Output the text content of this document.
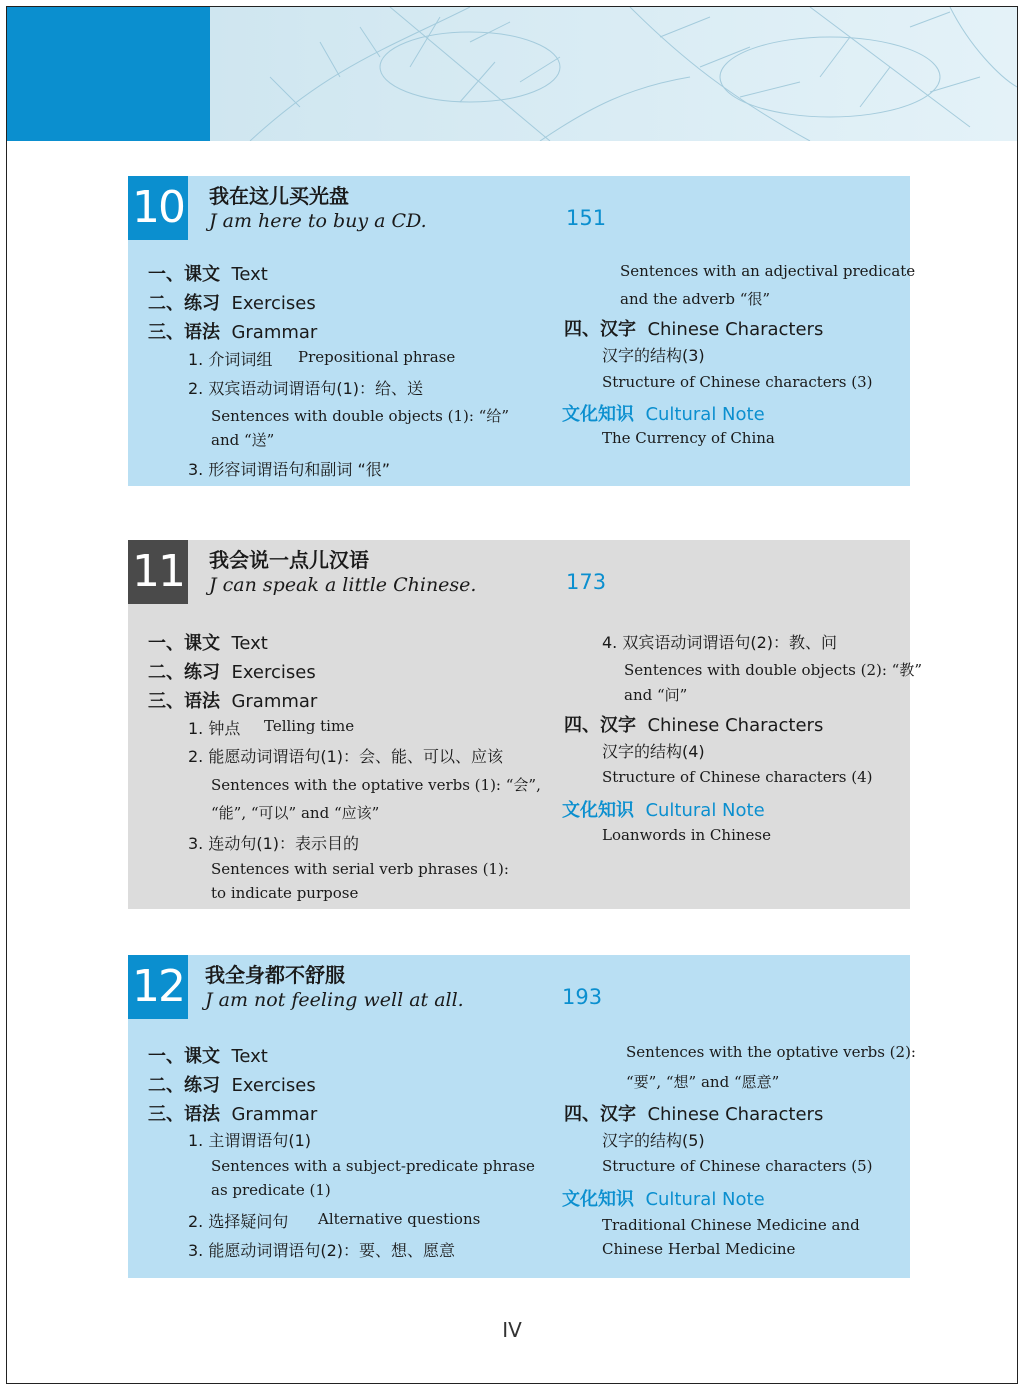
10 我在这儿买光盘
J am here to buy a CD.	151
一、课文 Text
二、练习 Exercises
三、语法 Grammar
1. 介词词组 Prepositional phrase
2. 双宾语动词谓语句(1)：给、送
Sentences with double objects (1): “给”
and “送”
3. 形容词谓语句和副词 “很”
Sentences with an adjectival predicate
and the adverb “很”
四、汉字 Chinese Characters
汉字的结构(3)
Structure of Chinese characters (3)
文化知识 Cultural Note
The Currency of China
11 我会说一点儿汉语
J can speak a little Chinese.	173
一、课文 Text
二、练习 Exercises
三、语法 Grammar
1. 钟点 Telling time
2. 能愿动词谓语句(1)：会、能、可以、应该
Sentences with the optative verbs (1): “会”,
“能”, “可以” and “应该”
3. 连动句(1)：表示目的
Sentences with serial verb phrases (1):
to indicate purpose
4. 双宾语动词谓语句(2)：教、问
Sentences with double objects (2): “教”
and “问”
四、汉字 Chinese Characters
汉字的结构(4)
Structure of Chinese characters (4)
文化知识 Cultural Note
Loanwords in Chinese
12 我全身都不舒服
J am not feeling well at all.	193
一、课文 Text
二、练习 Exercises
三、语法 Grammar
1. 主谓谓语句(1)
Sentences with a subject-predicate phrase
as predicate (1)
2. 选择疑问句 Alternative questions
3. 能愿动词谓语句(2)：要、想、愿意
Sentences with the optative verbs (2):
“要”, “想” and “愿意”
四、汉字 Chinese Characters
汉字的结构(5)
Structure of Chinese characters (5)
文化知识 Cultural Note
Traditional Chinese Medicine and
Chinese Herbal Medicine
IV
